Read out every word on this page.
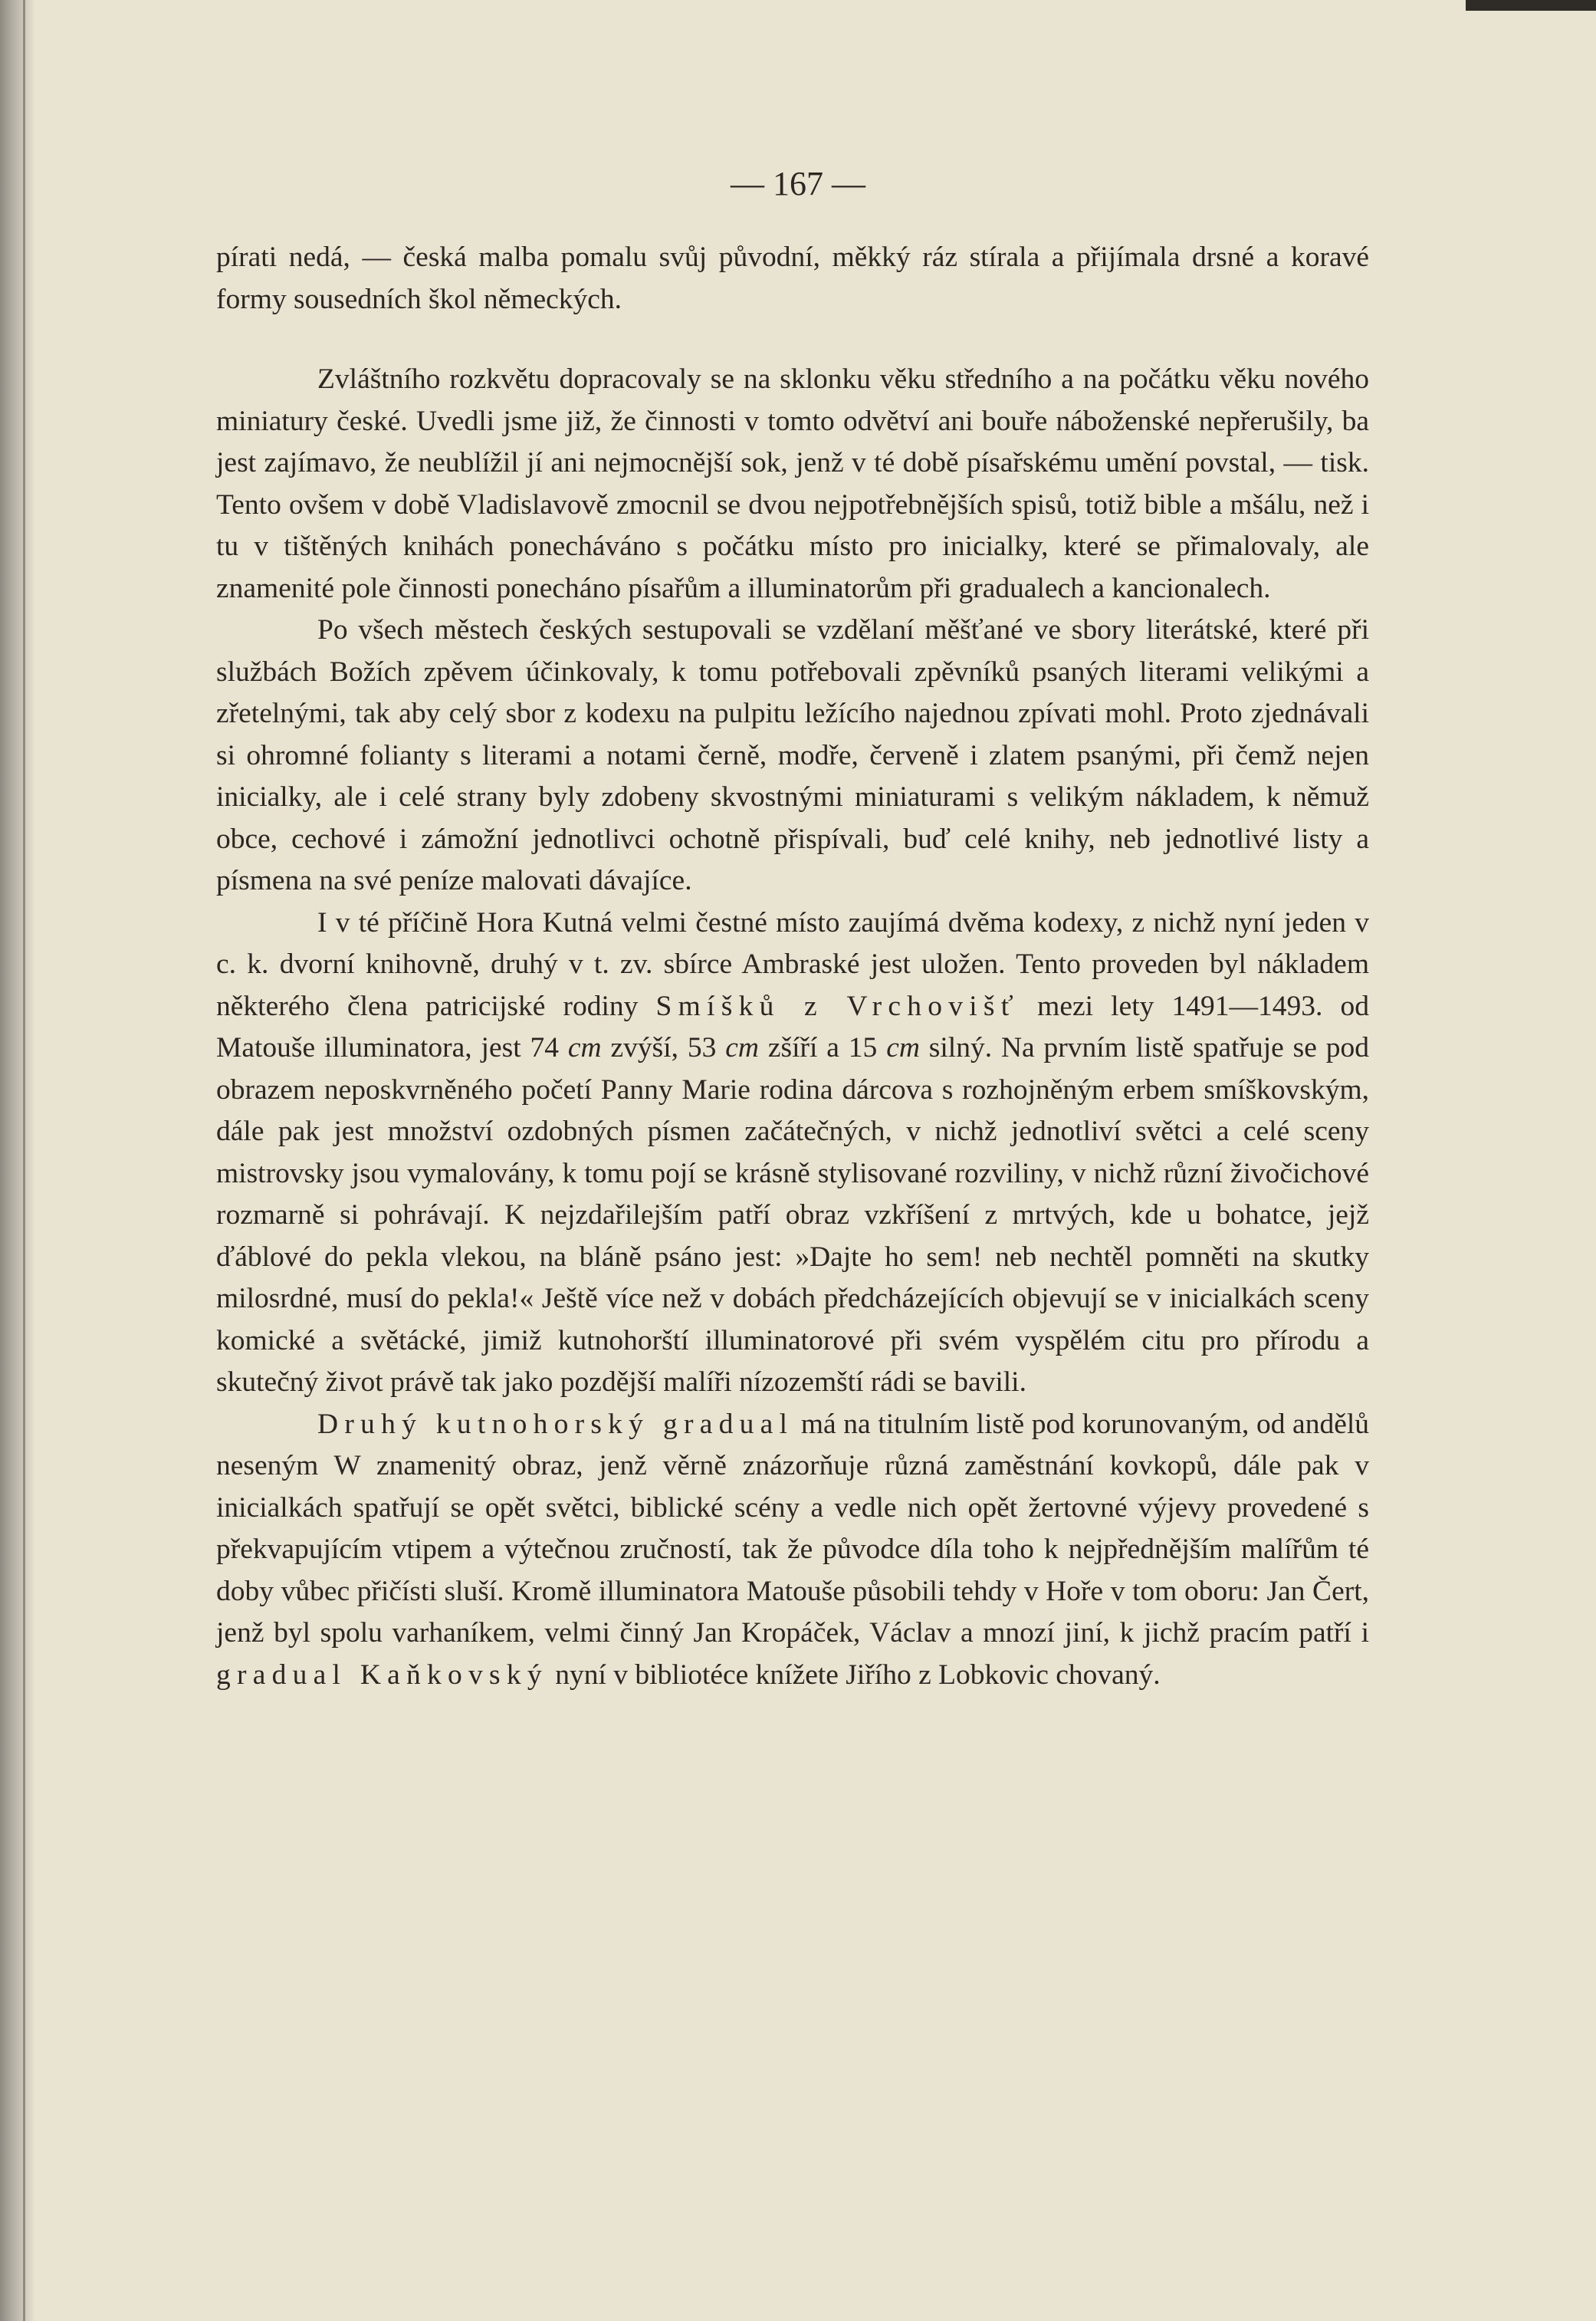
— 167 —

pírati nedá, — česká malba pomalu svůj původní, měkký ráz stírala a přijímala drsné a koravé formy sousedních škol německých.

Zvláštního rozkvětu dopracovaly se na sklonku věku středního a na počátku věku nového miniatury české. Uvedli jsme již, že činnosti v tomto odvětví ani bouře náboženské nepřerušily, ba jest zajímavo, že neublížil jí ani nejmocnější sok, jenž v té době písařskému umění povstal, — tisk. Tento ovšem v době Vladislavově zmocnil se dvou nejpotřebnějších spisů, totiž bible a mšálu, než i tu v tištěných knihách ponecháváno s počátku místo pro inicialky, které se přimalovaly, ale znamenité pole činnosti ponecháno písařům a illuminatorům při gradualech a kancionalech.

Po všech městech českých sestupovali se vzdělaní měšťané ve sbory literátské, které při službách Božích zpěvem účinkovaly, k tomu potřebovali zpěvníků psaných literami velikými a zřetelnými, tak aby celý sbor z kodexu na pulpitu ležícího najednou zpívati mohl. Proto zjednávali si ohromné folianty s literami a notami černě, modře, červeně i zlatem psanými, při čemž nejen inicialky, ale i celé strany byly zdobeny skvostnými miniaturami s velikým nákladem, k němuž obce, cechové i zámožní jednotlivci ochotně přispívali, buď celé knihy, neb jednotlivé listy a písmena na své peníze malovati dávajíce.

I v té příčině Hora Kutná velmi čestné místo zaujímá dvěma kodexy, z nichž nyní jeden v c. k. dvorní knihovně, druhý v t. zv. sbírce Ambraské jest uložen. Tento proveden byl nákladem některého člena patricijské rodiny Smíšků z Vrchovišť mezi lety 1491—1493. od Matouše illuminatora, jest 74 cm zvýší, 53 cm zšíří a 15 cm silný. Na prvním listě spatřuje se pod obrazem neposkvrněného početí Panny Marie rodina dárcova s rozhojněným erbem smíškovským, dále pak jest množství ozdobných písmen začátečných, v nichž jednotliví světci a celé sceny mistrovsky jsou vymalovány, k tomu pojí se krásně stylisované rozviliny, v nichž různí živočichové rozmarně si pohrávají. K nejzdařilejším patří obraz vzkříšení z mrtvých, kde u bohatce, jejž ďáblové do pekla vlekou, na bláně psáno jest: »Dajte ho sem! neb nechtěl pomněti na skutky milosrdné, musí do pekla!« Ještě více než v dobách předcházejících objevují se v inicialkách sceny komické a světácké, jimiž kutnohorští illuminatorové při svém vyspělém citu pro přírodu a skutečný život právě tak jako pozdější malíři nízozemští rádi se bavili.

Druhý kutnohorský gradual má na titulním listě pod korunovaným, od andělů neseným W znamenitý obraz, jenž věrně znázorňuje různá zaměstnání kovkopů, dále pak v inicialkách spatřují se opět světci, biblické scény a vedle nich opět žertovné výjevy provedené s překvapujícím vtipem a výtečnou zručností, tak že původce díla toho k nejpřednějším malířům té doby vůbec přičísti sluší. Kromě illuminatora Matouše působili tehdy v Hoře v tom oboru: Jan Čert, jenž byl spolu varhaníkem, velmi činný Jan Kropáček, Václav a mnozí jiní, k jichž pracím patří i gradual Kaňkovský nyní v bibliotéce knížete Jiřího z Lobkovic chovaný.
